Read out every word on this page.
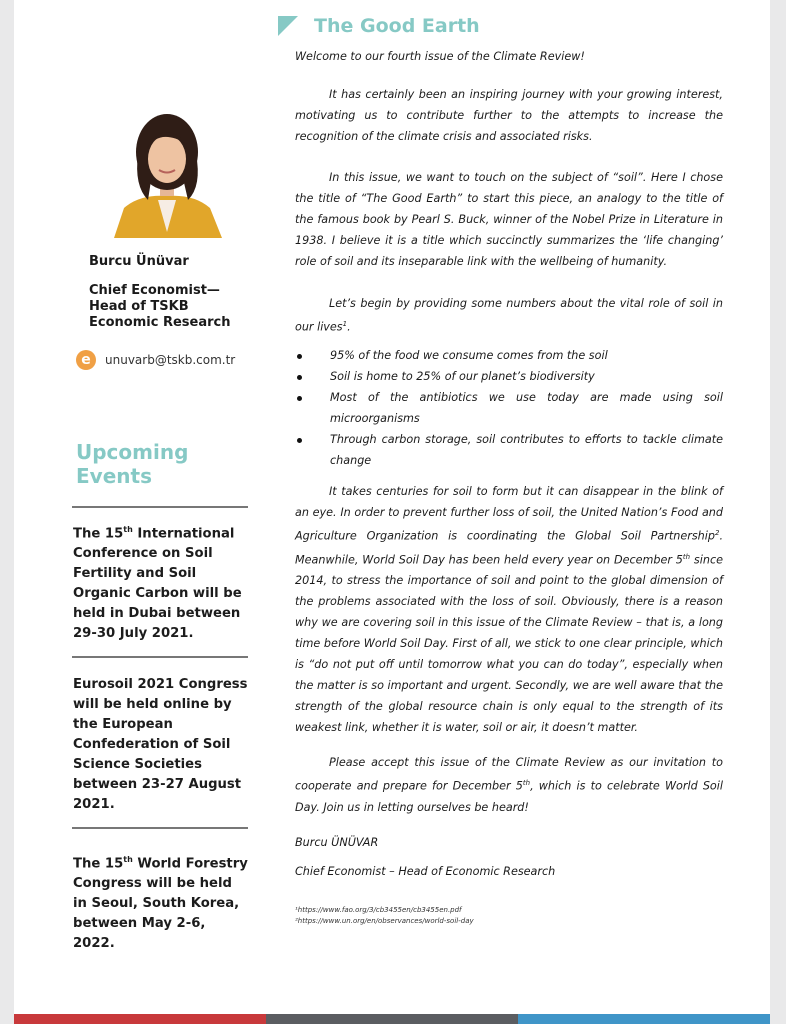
The Good Earth
Burcu Ünüvar
Chief Economist— Head of TSKB Economic Research
e	unuvarb@tskb.com.tr
Upcoming Events
The 15th International Conference on Soil Fertility and Soil Organic Carbon will be held in Dubai between 29-30 July 2021.
Eurosoil 2021 Congress will be held online by the European Confederation of Soil Science Societies between 23-27 August 2021.
The 15th World Forestry Congress will be held in Seoul, South Korea, between May 2-6, 2022.

Welcome to our fourth issue of the Climate Review!

It has certainly been an inspiring journey with your growing interest, motivating us to contribute further to the attempts to increase the recognition of the climate crisis and associated risks.

In this issue, we want to touch on the subject of “soil”. Here I chose the title of “The Good Earth” to start this piece, an analogy to the title of the famous book by Pearl S. Buck, winner of the Nobel Prize in Literature in 1938. I believe it is a title which succinctly summarizes the ‘life changing’ role of soil and its inseparable link with the wellbeing of humanity.

Let’s begin by providing some numbers about the vital role of soil in our lives$^1$.

95% of the food we consume comes from the soil
Soil is home to 25% of our planet’s biodiversity
Most of the antibiotics we use today are made using soil microorganisms
Through carbon storage, soil contributes to efforts to tackle climate change

It takes centuries for soil to form but it can disappear in the blink of an eye. In order to prevent further loss of soil, the United Nation’s Food and Agriculture Organization is coordinating the Global Soil Partnership$^2$. Meanwhile, World Soil Day has been held every year on December 5th since 2014, to stress the importance of soil and point to the global dimension of the problems associated with the loss of soil. Obviously, there is a reason why we are covering soil in this issue of the Climate Review – that is, a long time before World Soil Day. First of all, we stick to one clear principle, which is “do not put off until tomorrow what you can do today”, especially when the matter is so important and urgent. Secondly, we are well aware that the strength of the global resource chain is only equal to the strength of its weakest link, whether it is water, soil or air, it doesn’t matter.

Please accept this issue of the Climate Review as our invitation to cooperate and prepare for December 5th, which is to celebrate World Soil Day. Join us in letting ourselves be heard!

Burcu ÜNÜVAR
Chief Economist – Head of Economic Research
¹https://www.fao.org/3/cb3455en/cb3455en.pdf
²https://www.un.org/en/observances/world-soil-day
